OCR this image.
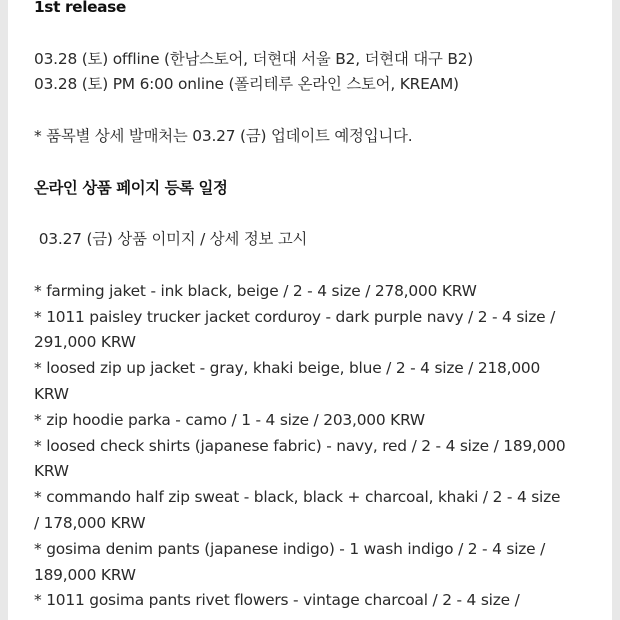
1st release
03.28 (토) offline (한남스토어, 더현대 서울 B2, 더현대 대구 B2)
03.28 (토) PM 6:00 online (폴리테루 온라인 스토어, KREAM)
* 품목별 상세 발매처는 03.27 (금) 업데이트 예정입니다.
온라인 상품 페이지 등록 일정
03.27 (금) 상품 이미지 / 상세 정보 고시
* farming jaket - ink black, beige / 2 - 4 size / 278,000 KRW
* 1011 paisley trucker jacket corduroy - dark purple navy / 2 - 4 size /
291,000 KRW
* loosed zip up jacket - gray, khaki beige, blue / 2 - 4 size / 218,000
KRW
* zip hoodie parka - camo / 1 - 4 size / 203,000 KRW
* loosed check shirts (japanese fabric) - navy, red / 2 - 4 size / 189,000
KRW
* commando half zip sweat - black, black + charcoal, khaki / 2 - 4 size
/ 178,000 KRW
* gosima denim pants (japanese indigo) - 1 wash indigo / 2 - 4 size /
189,000 KRW
* 1011 gosima pants rivet flowers - vintage charcoal / 2 - 4 size /
